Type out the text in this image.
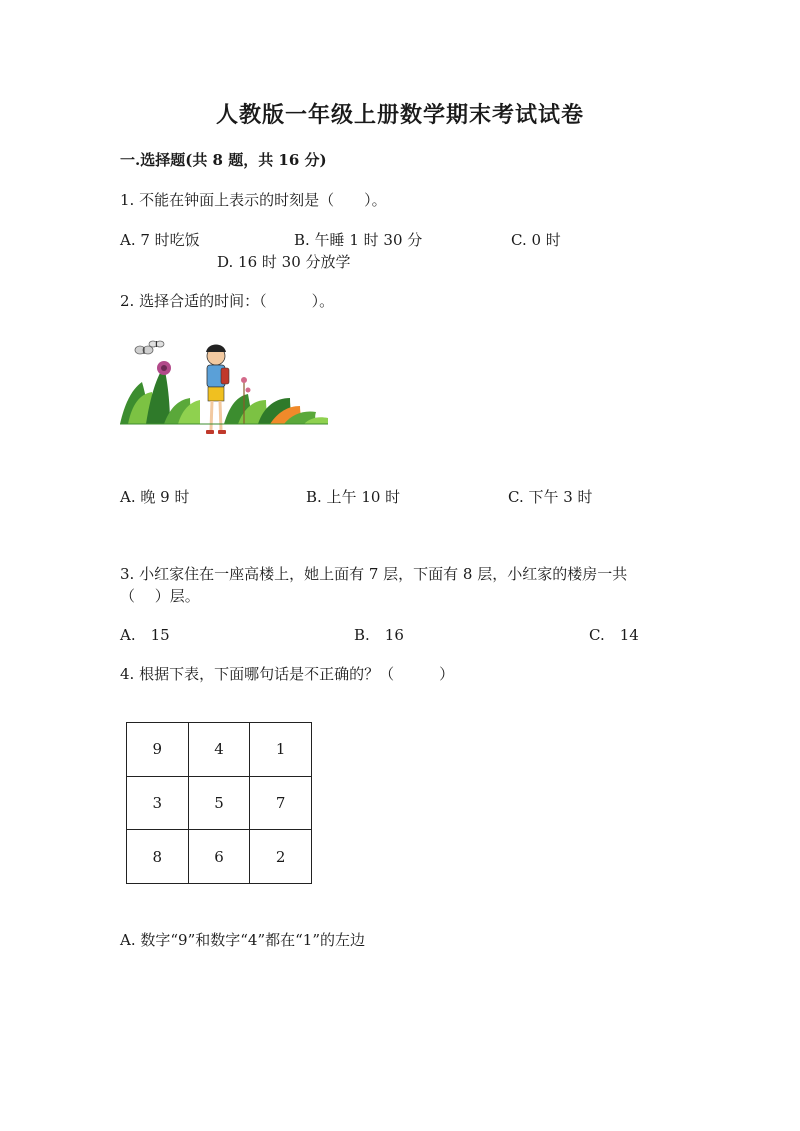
人教版一年级上册数学期末考试试卷
一.选择题(共 8 题，共 16 分)
1. 不能在钟面上表示的时刻是（　　）。
A. 7 时吃饭	B. 午睡 1 时 30 分	C. 0 时
D. 16 时 30 分放学
2. 选择合适的时间：（　　　）。
A. 晚 9 时	B. 上午 10 时	C. 下午 3 时
3. 小红家住在一座高楼上，她上面有 7 层，下面有 8 层，小红家的楼房一共
（　 ）层。
A.　15	B.　16	C.　14
4. 根据下表，下面哪句话是不正确的？（　　　）
9	4	1
3	5	7
8	6	2
A. 数字“9”和数字“4”都在“1”的左边
